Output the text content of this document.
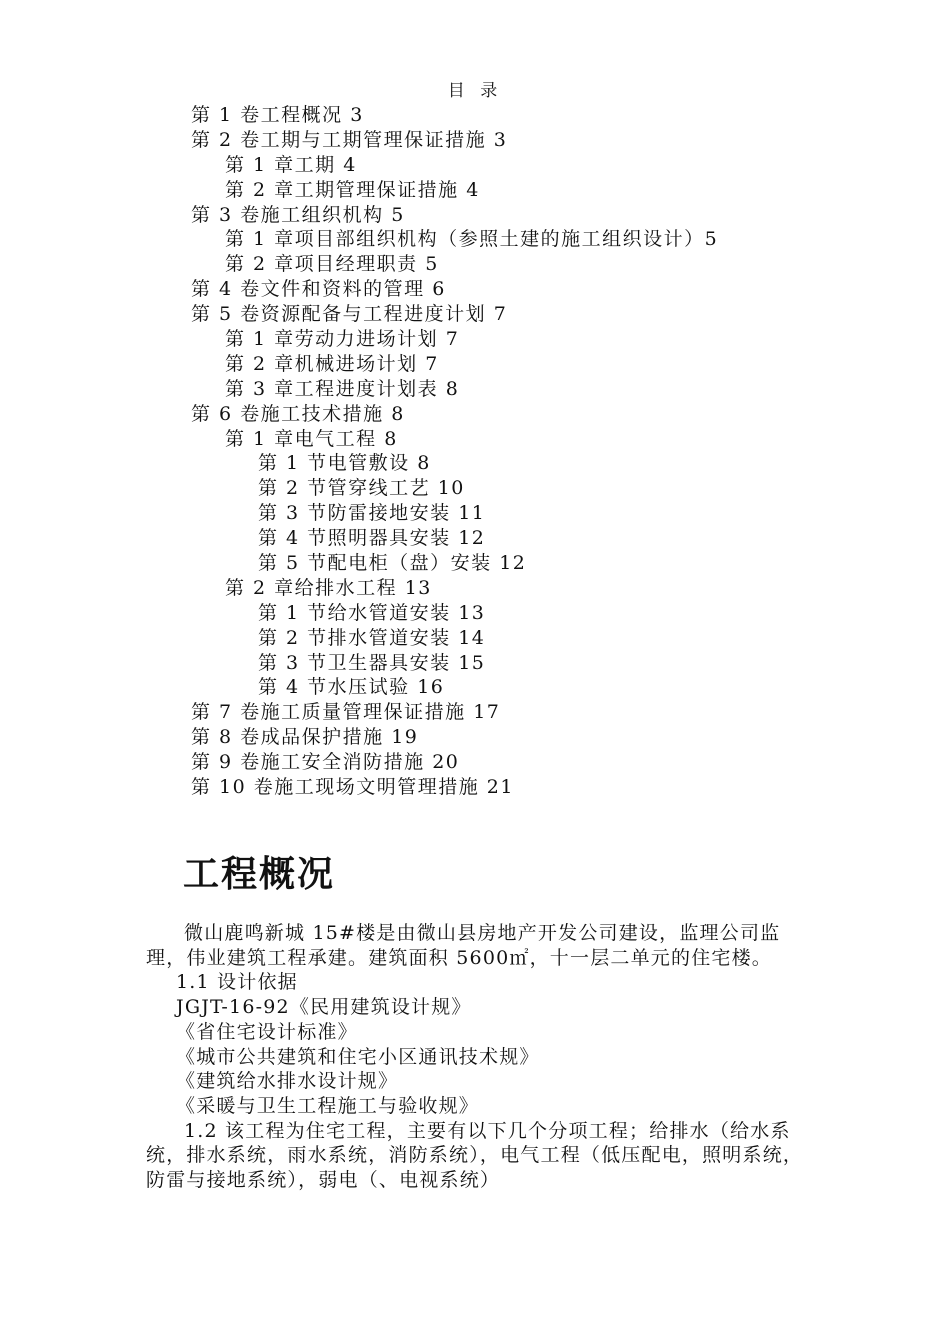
目 录
第 1 卷工程概况 3
第 2 卷工期与工期管理保证措施 3
第 1 章工期 4
第 2 章工期管理保证措施 4
第 3 卷施工组织机构 5
第 1 章项目部组织机构（参照土建的施工组织设计）5
第 2 章项目经理职责 5
第 4 卷文件和资料的管理 6
第 5 卷资源配备与工程进度计划 7
第 1 章劳动力进场计划 7
第 2 章机械进场计划 7
第 3 章工程进度计划表 8
第 6 卷施工技术措施 8
第 1 章电气工程 8
第 1 节电管敷设 8
第 2 节管穿线工艺 10
第 3 节防雷接地安装 11
第 4 节照明器具安装 12
第 5 节配电柜（盘）安装 12
第 2 章给排水工程 13
第 1 节给水管道安装 13
第 2 节排水管道安装 14
第 3 节卫生器具安装 15
第 4 节水压试验 16
第 7 卷施工质量管理保证措施 17
第 8 卷成品保护措施 19
第 9 卷施工安全消防措施 20
第 10 卷施工现场文明管理措施 21
工程概况

微山鹿鸣新城 15#楼是由微山县房地产开发公司建设，监理公司监理，伟业建筑工程承建。建筑面积 5600㎡，十一层二单元的住宅楼。

1.1 设计依据

JGJT-16-92《民用建筑设计规》

《省住宅设计标准》

《城市公共建筑和住宅小区通讯技术规》

《建筑给水排水设计规》

《采暖与卫生工程施工与验收规》

1.2 该工程为住宅工程，主要有以下几个分项工程；给排水（给水系统，排水系统，雨水系统，消防系统），电气工程（低压配电，照明系统，防雷与接地系统），弱电（、电视系统）
